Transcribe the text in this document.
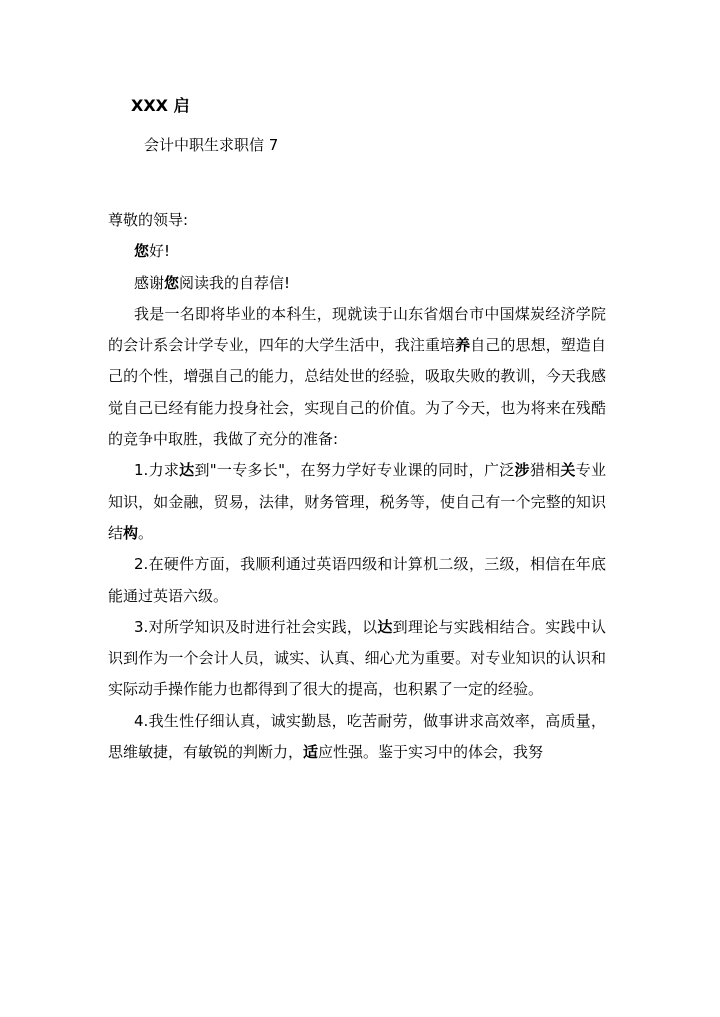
XXX 启
会计中职生求职信 7

尊敬的领导:

您好!

感谢您阅读我的自荐信!

我是一名即将毕业的本科生，现就读于山东省烟台市中国煤炭经济学院的会计系会计学专业，四年的大学生活中，我注重培养自己的思想，塑造自己的个性，增强自己的能力，总结处世的经验，吸取失败的教训，今天我感觉自己已经有能力投身社会，实现自己的价值。为了今天，也为将来在残酷的竞争中取胜，我做了充分的准备:

1.力求达到"一专多长"，在努力学好专业课的同时，广泛涉猎相关专业知识，如金融，贸易，法律，财务管理，税务等，使自己有一个完整的知识结构。

2.在硬件方面，我顺利通过英语四级和计算机二级，三级，相信在年底能通过英语六级。

3.对所学知识及时进行社会实践，以达到理论与实践相结合。实践中认识到作为一个会计人员，诚实、认真、细心尤为重要。对专业知识的认识和实际动手操作能力也都得到了很大的提高，也积累了一定的经验。

4.我生性仔细认真，诚实勤恳，吃苦耐劳，做事讲求高效率，高质量，思维敏捷，有敏锐的判断力，适应性强。鉴于实习中的体会，我努
